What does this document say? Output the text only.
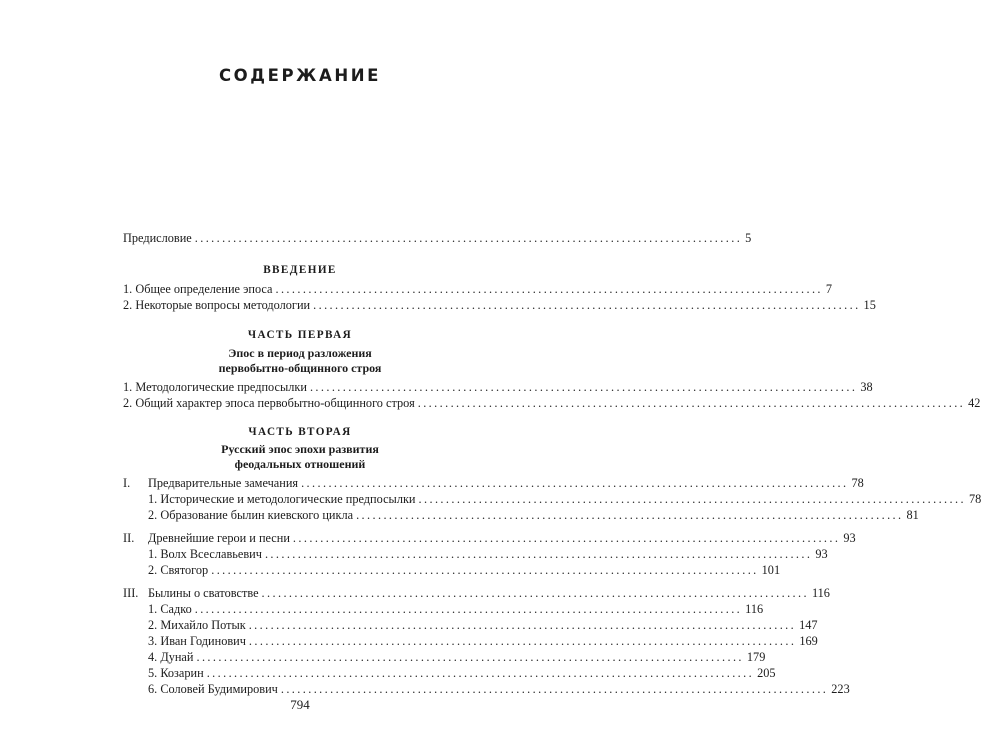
СОДЕРЖАНИЕ
Предисловие .................................................................................................... 5
ВВЕДЕНИЕ
1.
Общее определение эпоса .................................................................................................... 7
2.
Некоторые вопросы методологии .................................................................................................... 15
ЧАСТЬ ПЕРВАЯ
Эпос в период разложения
первобытно-общинного строя
1.
Методологические предпосылки .................................................................................................... 38
2.
Общий характер эпоса первобытно-общинного строя .................................................................................................... 42
ЧАСТЬ ВТОРАЯ
Русский эпос эпохи развития
феодальных отношений
I.	Предварительные замечания .................................................................................................... 78
1.
Исторические и методологические предпосылки .................................................................................................... 78
2.
Образование былин киевского цикла .................................................................................................... 81
II.	Древнейшие герои и песни .................................................................................................... 93
1.
Волх Всеславьевич .................................................................................................... 93
2.
Святогор .................................................................................................... 101
III. Былины о сватовстве .................................................................................................... 116
1.
Садко .................................................................................................... 116
2.
Михайло Потык .................................................................................................... 147
3.
Иван Годинович .................................................................................................... 169
4.
Дунай .................................................................................................... 179
5.
Козарин .................................................................................................... 205
6.
Соловей Будимирович .................................................................................................... 223
794
